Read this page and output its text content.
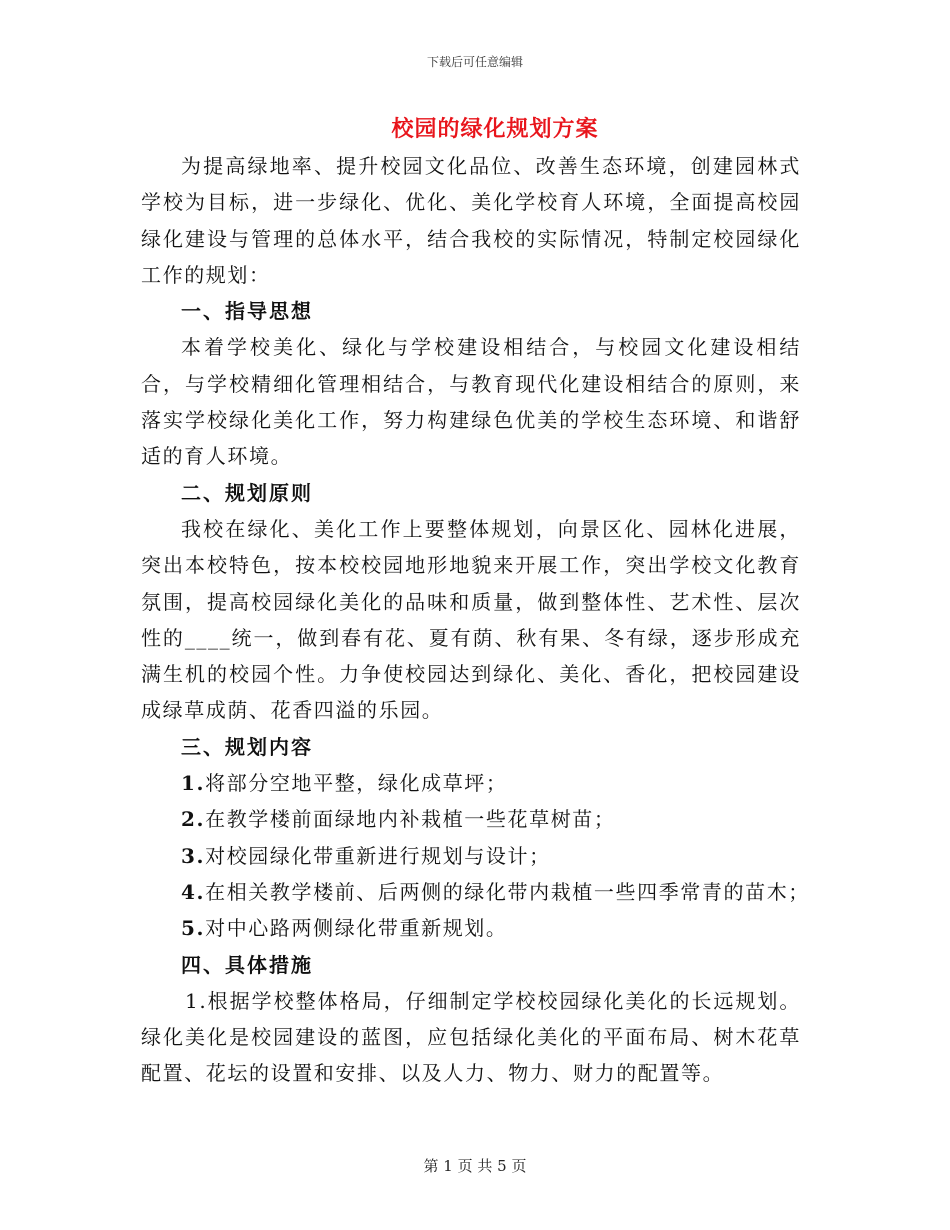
下载后可任意编辑
校园的绿化规划方案

为提高绿地率、提升校园文化品位、改善生态环境，创建园林式学校为目标，进一步绿化、优化、美化学校育人环境，全面提高校园绿化建设与管理的总体水平，结合我校的实际情况，特制定校园绿化工作的规划：

一、指导思想

本着学校美化、绿化与学校建设相结合，与校园文化建设相结合，与学校精细化管理相结合，与教育现代化建设相结合的原则，来落实学校绿化美化工作，努力构建绿色优美的学校生态环境、和谐舒适的育人环境。

二、规划原则

我校在绿化、美化工作上要整体规划，向景区化、园林化进展，突出本校特色，按本校校园地形地貌来开展工作，突出学校文化教育氛围，提高校园绿化美化的品味和质量，做到整体性、艺术性、层次性的____统一，做到春有花、夏有荫、秋有果、冬有绿，逐步形成充满生机的校园个性。力争使校园达到绿化、美化、香化，把校园建设成绿草成荫、花香四溢的乐园。

三、规划内容

1.将部分空地平整，绿化成草坪；

2.在教学楼前面绿地内补栽植一些花草树苗；

3.对校园绿化带重新进行规划与设计；

4.在相关教学楼前、后两侧的绿化带内栽植一些四季常青的苗木；

5.对中心路两侧绿化带重新规划。

四、具体措施

1.根据学校整体格局，仔细制定学校校园绿化美化的长远规划。绿化美化是校园建设的蓝图，应包括绿化美化的平面布局、树木花草配置、花坛的设置和安排、以及人力、物力、财力的配置等。

第 1 页 共 5 页
